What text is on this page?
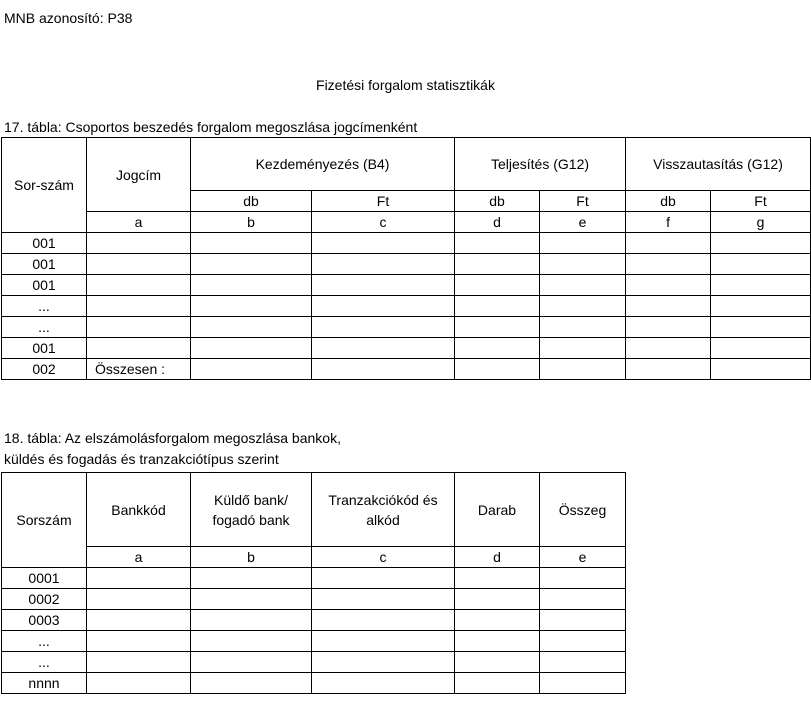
MNB azonosító: P38
Fizetési forgalom statisztikák
17. tábla: Csoportos beszedés forgalom megoszlása jogcímenként
Sor-szám	Jogcím	Kezdeményezés (B4)		Teljesítés (G12)		Visszautasítás (G12)	
		db	Ft	db	Ft	db	Ft
	a	b	c	d	e	f	g
001							
001							
001							
...							
...							
001							
002	Összesen :						
18. tábla: Az elszámolásforgalom megoszlása bankok,
küldés és fogadás és tranzakciótípus szerint
Sorszám	Bankkód	Küldő bank/ fogadó bank	Tranzakciókód és alkód	Darab	Összeg
	a	b	c	d	e
0001					
0002					
0003					
...					
...					
nnnn					
